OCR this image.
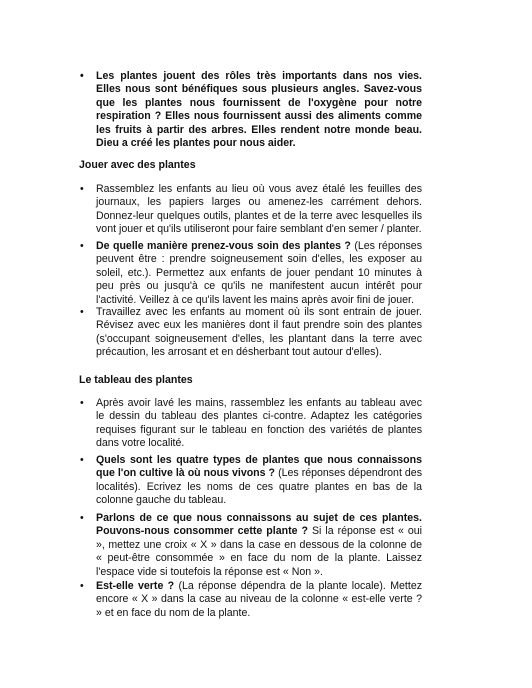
• Les plantes jouent des rôles très importants dans nos vies. Elles nous sont bénéfiques sous plusieurs angles. Savez-vous que les plantes nous fournissent de l'oxygène pour notre respiration ? Elles nous fournissent aussi des aliments comme les fruits à partir des arbres. Elles rendent notre monde beau. Dieu a créé les plantes pour nous aider.
Jouer avec des plantes
• Rassemblez les enfants au lieu où vous avez étalé les feuilles des journaux, les papiers larges ou amenez-les carrément dehors. Donnez-leur quelques outils, plantes et de la terre avec lesquelles ils vont jouer et qu'ils utiliseront pour faire semblant d'en semer / planter.
• De quelle manière prenez-vous soin des plantes ? (Les réponses peuvent être : prendre soigneusement soin d'elles, les exposer au soleil, etc.). Permettez aux enfants de jouer pendant 10 minutes à peu près ou jusqu'à ce qu'ils ne manifestent aucun intérêt pour l'activité. Veillez à ce qu'ils lavent les mains après avoir fini de jouer.
• Travaillez avec les enfants au moment où ils sont entrain de jouer. Révisez avec eux les manières dont il faut prendre soin des plantes (s'occupant soigneusement d'elles, les plantant dans la terre avec précaution, les arrosant et en désherbant tout autour d'elles).
Le tableau des plantes
• Après avoir lavé les mains, rassemblez les enfants au tableau avec le dessin du tableau des plantes ci-contre. Adaptez les catégories requises figurant sur le tableau en fonction des variétés de plantes dans votre localité.
• Quels sont les quatre types de plantes que nous connaissons que l'on cultive là où nous vivons ? (Les réponses dépendront des localités). Ecrivez les noms de ces quatre plantes en bas de la colonne gauche du tableau.
• Parlons de ce que nous connaissons au sujet de ces plantes. Pouvons-nous consommer cette plante ? Si la réponse est « oui », mettez une croix « X » dans la case en dessous de la colonne de « peut-être consommée » en face du nom de la plante. Laissez l'espace vide si toutefois la réponse est « Non ».
• Est-elle verte ? (La réponse dépendra de la plante locale). Mettez encore « X » dans la case au niveau de la colonne « est-elle verte ? » et en face du nom de la plante.
